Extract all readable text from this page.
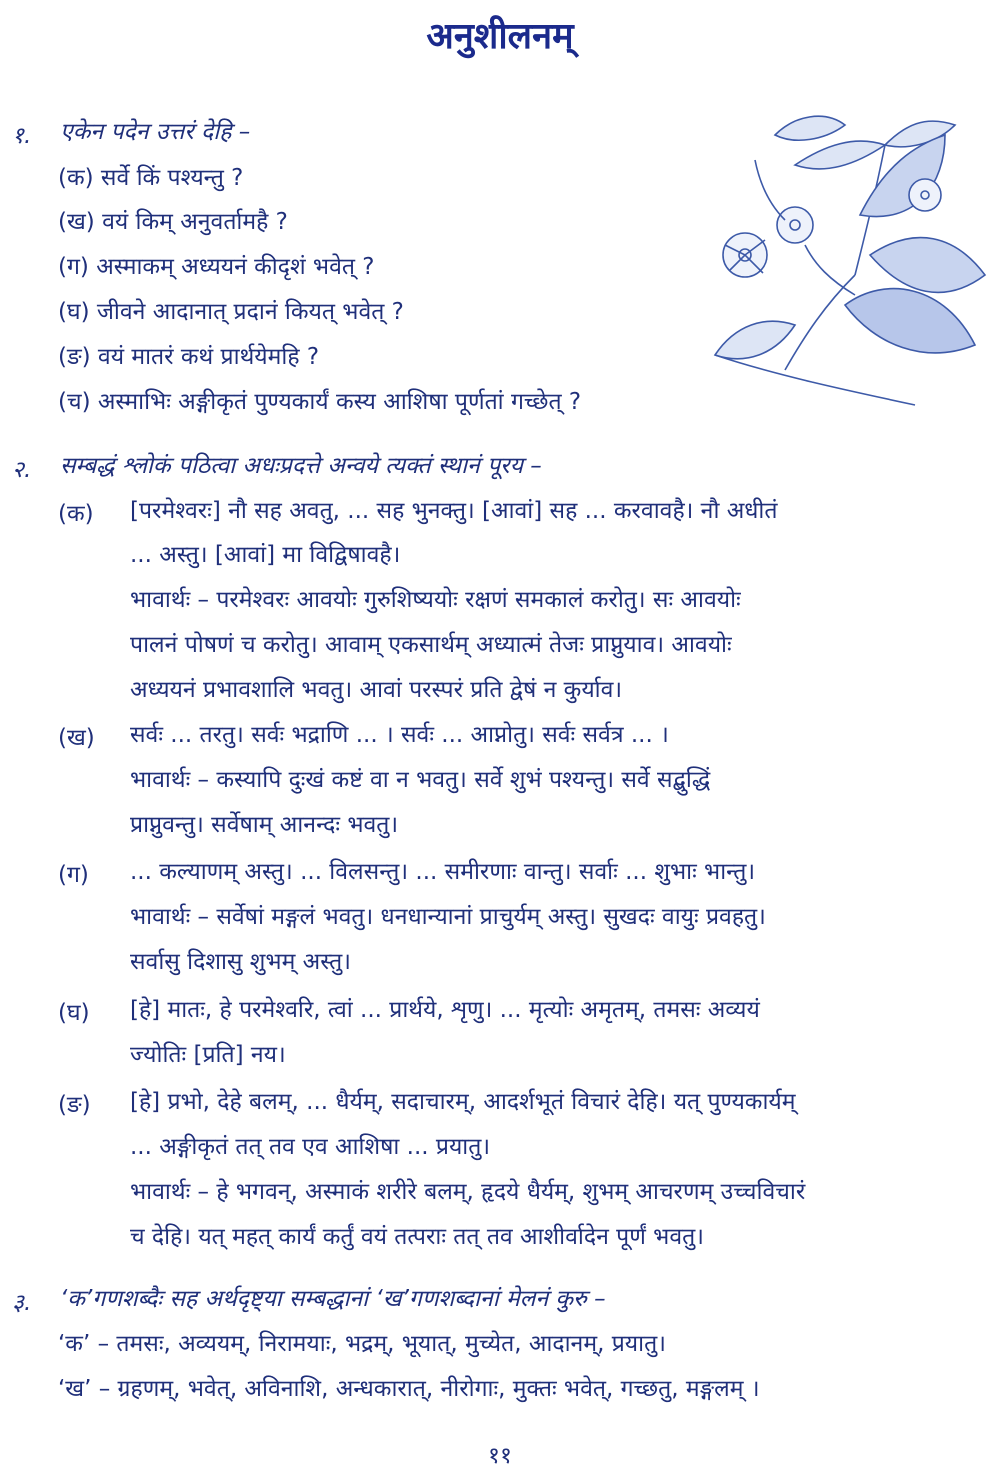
अनुशीलनम्
१. एकेन पदेन उत्तरं देहि –
(क) सर्वे किं पश्यन्तु ?
(ख) वयं किम् अनुवर्तामहै ?
(ग) अस्माकम् अध्ययनं कीदृशं भवेत् ?
(घ) जीवने आदानात् प्रदानं कियत् भवेत् ?
(ङ) वयं मातरं कथं प्रार्थयेमहि ?
(च) अस्माभिः अङ्गीकृतं पुण्यकार्यं कस्य आशिषा पूर्णतां गच्छेत् ?
२. सम्बद्धं श्लोकं पठित्वा अधःप्रदत्ते अन्वये त्यक्तं स्थानं पूरय –
(क) [परमेश्वरः] नौ सह अवतु, ... सह भुनक्तु। [आवां] सह ... करवावहै। नौ अधीतं
... अस्तु। [आवां] मा विद्विषावहै।
भावार्थः – परमेश्वरः आवयोः गुरुशिष्ययोः रक्षणं समकालं करोतु। सः आवयोः
पालनं पोषणं च करोतु। आवाम् एकसार्थम् अध्यात्मं तेजः प्राप्नुयाव। आवयोः
अध्ययनं प्रभावशालि भवतु। आवां परस्परं प्रति द्वेषं न कुर्याव।
(ख) सर्वः ... तरतु। सर्वः भद्राणि ... । सर्वः ... आप्नोतु। सर्वः सर्वत्र ... ।
भावार्थः – कस्यापि दुःखं कष्टं वा न भवतु। सर्वे शुभं पश्यन्तु। सर्वे सद्बुद्धिं
प्राप्नुवन्तु। सर्वेषाम् आनन्दः भवतु।
(ग) ... कल्याणम् अस्तु। ... विलसन्तु। ... समीरणाः वान्तु। सर्वाः ... शुभाः भान्तु।
भावार्थः – सर्वेषां मङ्गलं भवतु। धनधान्यानां प्राचुर्यम् अस्तु। सुखदः वायुः प्रवहतु।
सर्वासु दिशासु शुभम् अस्तु।
(घ) [हे] मातः, हे परमेश्वरि, त्वां ... प्रार्थये, शृणु। ... मृत्योः अमृतम्, तमसः अव्ययं
ज्योतिः [प्रति] नय।
(ङ) [हे] प्रभो, देहे बलम्, ... धैर्यम्, सदाचारम्, आदर्शभूतं विचारं देहि। यत् पुण्यकार्यम्
... अङ्गीकृतं तत् तव एव आशिषा ... प्रयातु।
भावार्थः – हे भगवन्, अस्माकं शरीरे बलम्, हृदये धैर्यम्, शुभम् आचरणम् उच्चविचारं
च देहि। यत् महत् कार्यं कर्तुं वयं तत्पराः तत् तव आशीर्वादेन पूर्णं भवतु।
३. ‘क’गणशब्दैः सह अर्थदृष्ट्या सम्बद्धानां ‘ख’गणशब्दानां मेलनं कुरु –
‘क’ – तमसः, अव्ययम्, निरामयाः, भद्रम्, भूयात्, मुच्येत, आदानम्, प्रयातु।
‘ख’ – ग्रहणम्, भवेत्, अविनाशि, अन्धकारात्, नीरोगाः, मुक्तः भवेत्, गच्छतु, मङ्गलम् ।
११
